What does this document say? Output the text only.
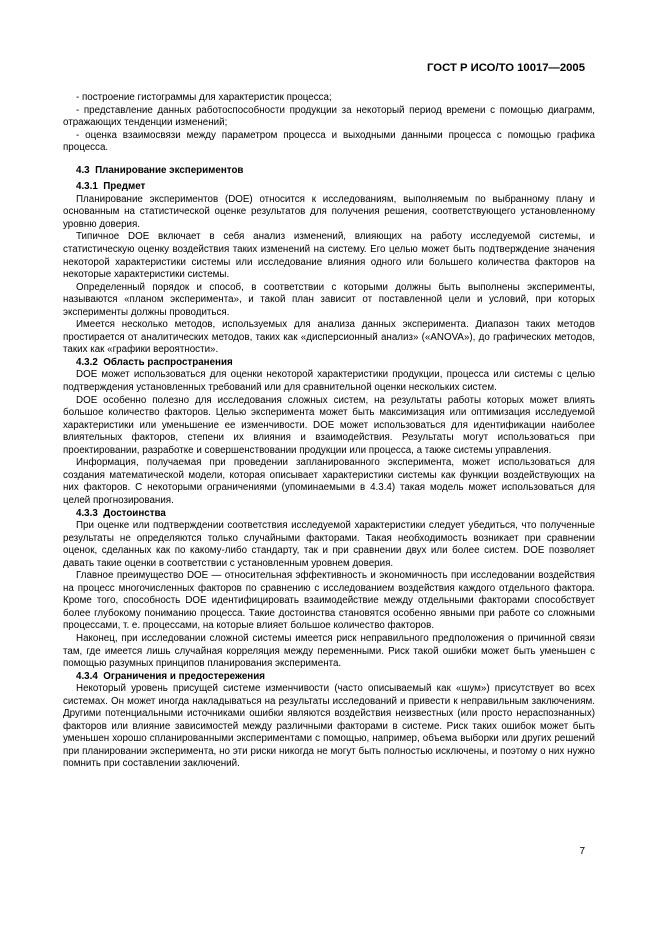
ГОСТ Р ИСО/ТО 10017—2005

- построение гистограммы для характеристик процесса;

- представление данных работоспособности продукции за некоторый период времени с помощью диаграмм, отражающих тенденции изменений;

- оценка взаимосвязи между параметром процесса и выходными данными процесса с помощью графика процесса.

4.3 Планирование экспериментов
4.3.1 Предмет

Планирование экспериментов (DOE) относится к исследованиям, выполняемым по выбранному плану и основанным на статистической оценке результатов для получения решения, соответствующего установленному уровню доверия.

Типичное DOE включает в себя анализ изменений, влияющих на работу исследуемой системы, и статистическую оценку воздействия таких изменений на систему. Его целью может быть подтверждение значения некоторой характеристики системы или исследование влияния одного или большего количества факторов на некоторые характеристики системы.

Определенный порядок и способ, в соответствии с которыми должны быть выполнены эксперименты, называются «планом эксперимента», и такой план зависит от поставленной цели и условий, при которых эксперименты должны проводиться.

Имеется несколько методов, используемых для анализа данных эксперимента. Диапазон таких методов простирается от аналитических методов, таких как «дисперсионный анализ» («ANOVA»), до графических методов, таких как «графики вероятности».

4.3.2 Область распространения

DOE может использоваться для оценки некоторой характеристики продукции, процесса или системы с целью подтверждения установленных требований или для сравнительной оценки нескольких систем.

DOE особенно полезно для исследования сложных систем, на результаты работы которых может влиять большое количество факторов. Целью эксперимента может быть максимизация или оптимизация исследуемой характеристики или уменьшение ее изменчивости. DOE может использоваться для идентификации наиболее влиятельных факторов, степени их влияния и взаимодействия. Результаты могут использоваться при проектировании, разработке и совершенствовании продукции или процесса, а также системы управления.

Информация, получаемая при проведении запланированного эксперимента, может использоваться для создания математической модели, которая описывает характеристики системы как функции воздействующих на них факторов. С некоторыми ограничениями (упоминаемыми в 4.3.4) такая модель может использоваться для целей прогнозирования.

4.3.3 Достоинства

При оценке или подтверждении соответствия исследуемой характеристики следует убедиться, что полученные результаты не определяются только случайными факторами. Такая необходимость возникает при сравнении оценок, сделанных как по какому-либо стандарту, так и при сравнении двух или более систем. DOE позволяет давать такие оценки в соответствии с установленным уровнем доверия.

Главное преимущество DOE — относительная эффективность и экономичность при исследовании воздействия на процесс многочисленных факторов по сравнению с исследованием воздействия каждого отдельного фактора. Кроме того, способность DOE идентифицировать взаимодействие между отдельными факторами способствует более глубокому пониманию процесса. Такие достоинства становятся особенно явными при работе со сложными процессами, т. е. процессами, на которые влияет большое количество факторов.

Наконец, при исследовании сложной системы имеется риск неправильного предположения о причинной связи там, где имеется лишь случайная корреляция между переменными. Риск такой ошибки может быть уменьшен с помощью разумных принципов планирования эксперимента.

4.3.4 Ограничения и предостережения

Некоторый уровень присущей системе изменчивости (часто описываемый как «шум») присутствует во всех системах. Он может иногда накладываться на результаты исследований и привести к неправильным заключениям. Другими потенциальными источниками ошибки являются воздействия неизвестных (или просто нераспознанных) факторов или влияние зависимостей между различными факторами в системе. Риск таких ошибок может быть уменьшен хорошо спланированными экспериментами с помощью, например, объема выборки или других решений при планировании эксперимента, но эти риски никогда не могут быть полностью исключены, и поэтому о них нужно помнить при составлении заключений.

7
